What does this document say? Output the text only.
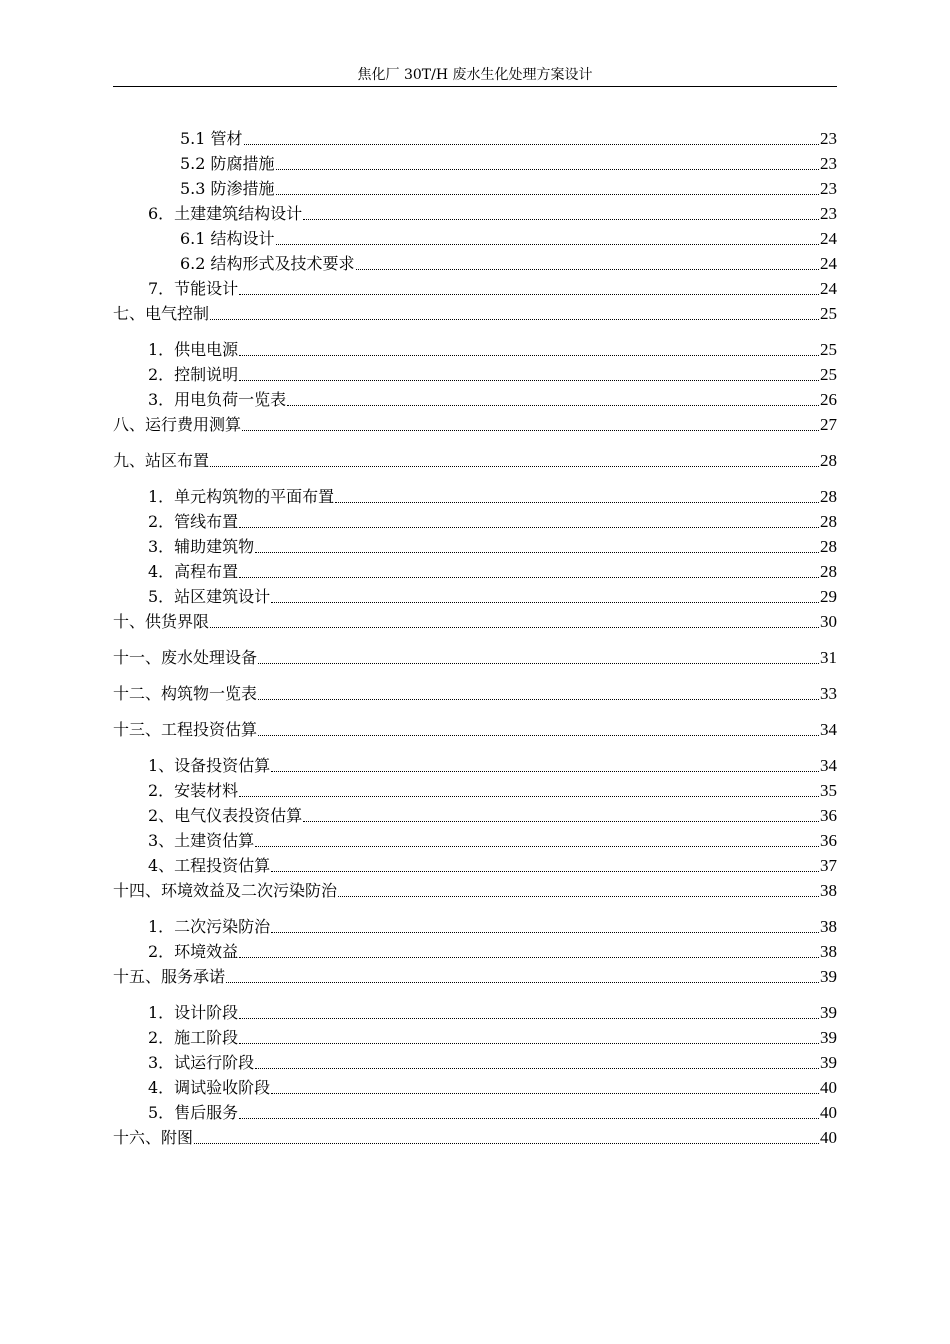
焦化厂 30T/H 废水生化处理方案设计
5.1 管材	23
5.2 防腐措施	23
5.3 防渗措施	23
6．土建建筑结构设计	23
6.1 结构设计	24
6.2 结构形式及技术要求	24
7．节能设计	24
七、电气控制	25
1．供电电源	25
2．控制说明	25
3．用电负荷一览表	26
八、运行费用测算	27
九、站区布置	28
1．单元构筑物的平面布置	28
2．管线布置	28
3．辅助建筑物	28
4．高程布置	28
5．站区建筑设计	29
十、供货界限	30
十一、废水处理设备	31
十二、构筑物一览表	33
十三、工程投资估算	34
1、设备投资估算	34
2．安装材料	35
2、电气仪表投资估算	36
3、土建资估算	36
4、工程投资估算	37
十四、环境效益及二次污染防治	38
1．二次污染防治	38
2．环境效益	38
十五、服务承诺	39
1．设计阶段	39
2．施工阶段	39
3．试运行阶段	39
4．调试验收阶段	40
5．售后服务	40
十六、附图	40
